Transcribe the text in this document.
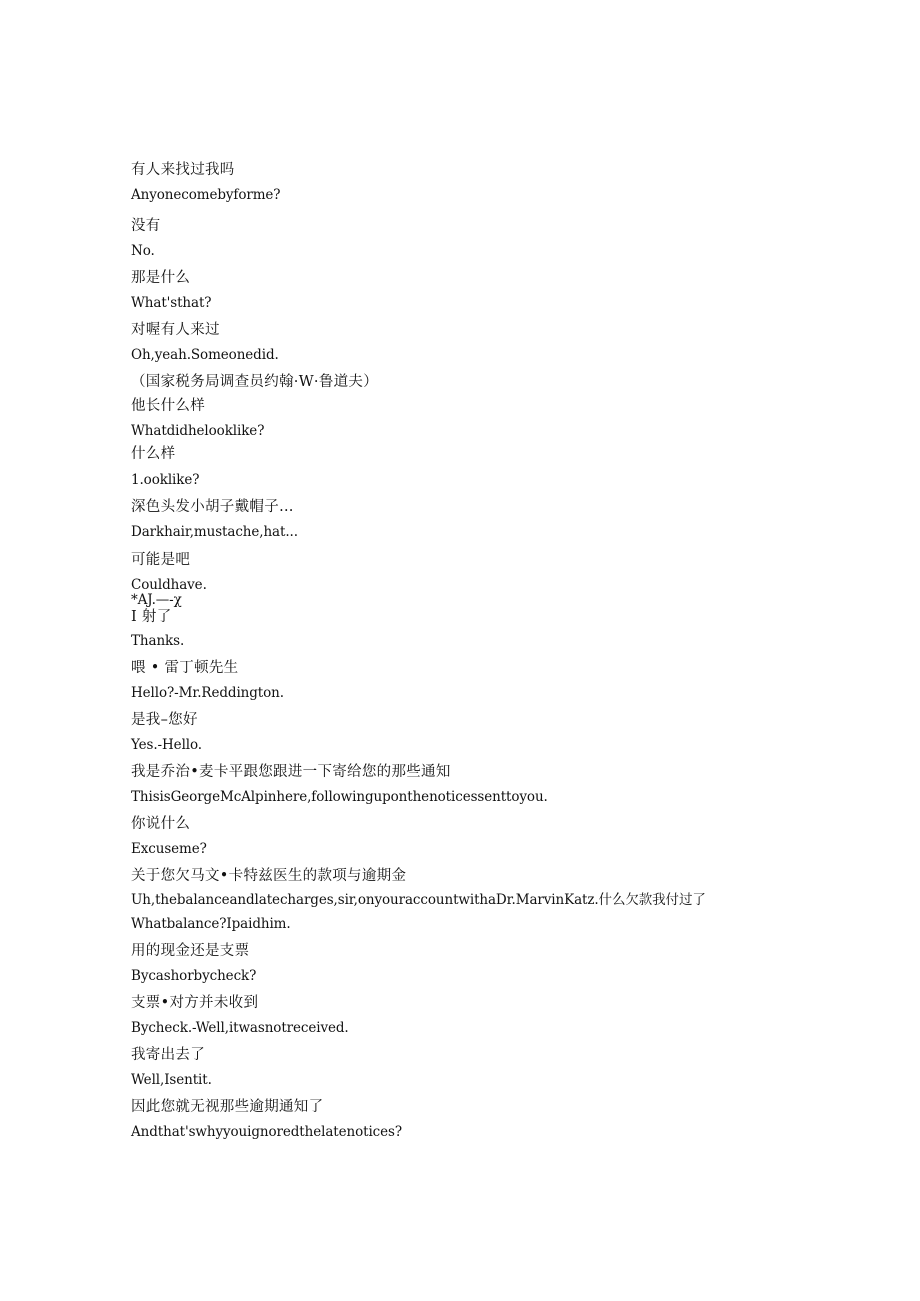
有人来找过我吗
Anyonecomebyforme?
没有
No.
那是什么
What'sthat?
对喔有人来过
Oh,yeah.Someonedid.
（国家税务局调查员约翰·W·鲁道夫）
他长什么样
Whatdidhelooklike?
什么样
1.ooklike?
深色头发小胡子戴帽子…
Darkhair,mustache,hat...
可能是吧
Couldhave.
*AJ.—-χ
I 射了
Thanks.
喂 • 雷丁顿先生
Hello?-Mr.Reddington.
是我–您好
Yes.-Hello.
我是乔治•麦卡平跟您跟进一下寄给您的那些通知
ThisisGeorgeMcAlpinhere,followinguponthenoticessenttoyou.
你说什么
Excuseme?
关于您欠马文•卡特兹医生的款项与逾期金
Uh,thebalanceandlatecharges,sir,onyouraccountwithaDr.MarvinKatz.什么欠款我付过了
Whatbalance?Ipaidhim.
用的现金还是支票
Bycashorbycheck?
支票•对方并未收到
Bycheck.-Well,itwasnotreceived.
我寄出去了
Well,Isentit.
因此您就无视那些逾期通知了
Andthat'swhyyouignoredthelatenotices?
